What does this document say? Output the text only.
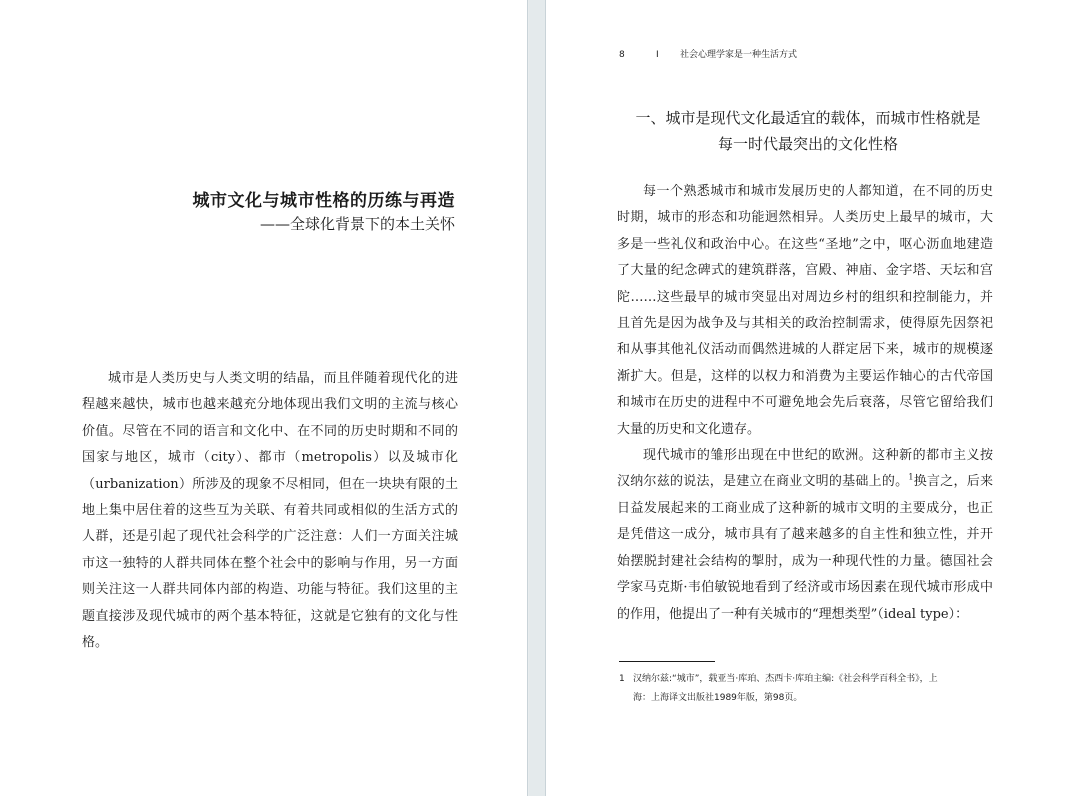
城市文化与城市性格的历练与再造
——全球化背景下的本土关怀

城市是人类历史与人类文明的结晶，而且伴随着现代化的进程越来越快，城市也越来越充分地体现出我们文明的主流与核心价值。尽管在不同的语言和文化中、在不同的历史时期和不同的国家与地区，城市（city）、都市（metropolis）以及城市化（urbanization）所涉及的现象不尽相同，但在一块块有限的土地上集中居住着的这些互为关联、有着共同或相似的生活方式的人群，还是引起了现代社会科学的广泛注意：人们一方面关注城市这一独特的人群共同体在整个社会中的影响与作用，另一方面则关注这一人群共同体内部的构造、功能与特征。我们这里的主题直接涉及现代城市的两个基本特征，这就是它独有的文化与性格。

8	I 社会心理学家是一种生活方式
一、城市是现代文化最适宜的载体，而城市性格就是
每一时代最突出的文化性格

每一个熟悉城市和城市发展历史的人都知道，在不同的历史时期，城市的形态和功能迥然相异。人类历史上最早的城市，大多是一些礼仪和政治中心。在这些“圣地”之中，呕心沥血地建造了大量的纪念碑式的建筑群落，宫殿、神庙、金字塔、天坛和宫陀……这些最早的城市突显出对周边乡村的组织和控制能力，并且首先是因为战争及与其相关的政治控制需求，使得原先因祭祀和从事其他礼仪活动而偶然进城的人群定居下来，城市的规模逐渐扩大。但是，这样的以权力和消费为主要运作轴心的古代帝国和城市在历史的进程中不可避免地会先后衰落，尽管它留给我们大量的历史和文化遗存。

现代城市的雏形出现在中世纪的欧洲。这种新的都市主义按汉纳尔兹的说法，是建立在商业文明的基础上的。$^1$换言之，后来日益发展起来的工商业成了这种新的城市文明的主要成分，也正是凭借这一成分，城市具有了越来越多的自主性和独立性，并开始摆脱封建社会结构的掣肘，成为一种现代性的力量。德国社会学家马克斯·韦伯敏锐地看到了经济或市场因素在现代城市形成中的作用，他提出了一种有关城市的“理想类型”（ideal type）：

1 汉纳尔兹:“城市”，载亚当·库珀、杰西卡·库珀主编:《社会科学百科全书》，上
海：上海译文出版社1989年版，第98页。
